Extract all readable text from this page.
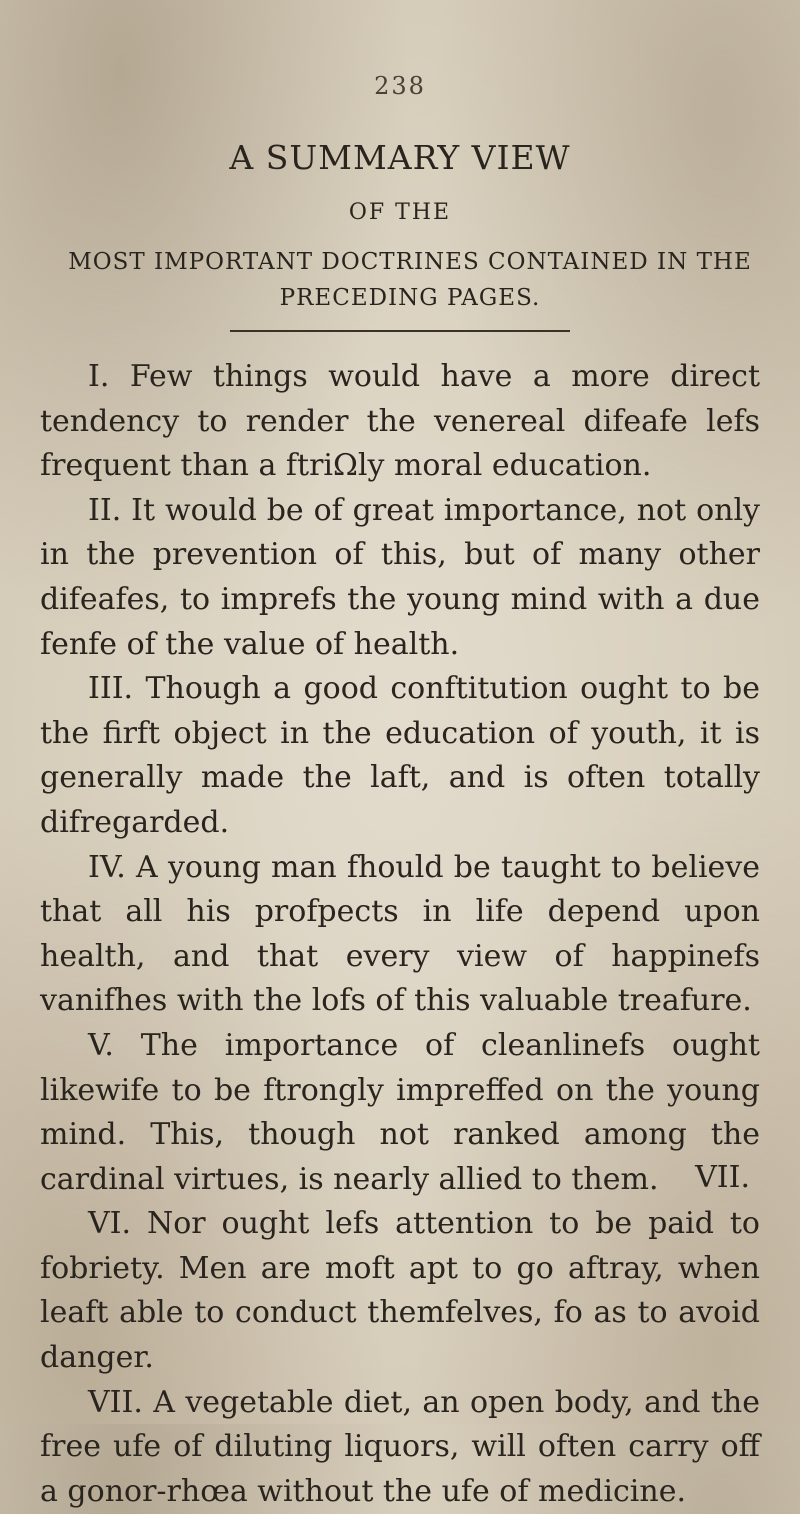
238
A SUMMARY VIEW
OF THE
MOST IMPORTANT DOCTRINES CONTAINED IN THE PRECEDING PAGES.

I. Few things would have a more direct tendency to render the venereal difeafe lefs frequent than a ftriΩly moral education.

II. It would be of great importance, not only in the prevention of this, but of many other difeafes, to imprefs the young mind with a due fenfe of the value of health.

III. Though a good conftitution ought to be the firft object in the education of youth, it is generally made the laft, and is often totally difregarded.

IV. A young man fhould be taught to believe that all his profpects in life depend upon health, and that every view of happinefs vanifhes with the lofs of this valuable treafure.

V. The importance of cleanlinefs ought likewife to be ftrongly impreffed on the young mind. This, though not ranked among the cardinal virtues, is nearly allied to them.

VI. Nor ought lefs attention to be paid to fobriety. Men are moft apt to go aftray, when leaft able to conduct themfelves, fo as to avoid danger.

VII. A vegetable diet, an open body, and the free ufe of diluting liquors, will often carry off a gonor-rhœa without the ufe of medicine.

VII.
